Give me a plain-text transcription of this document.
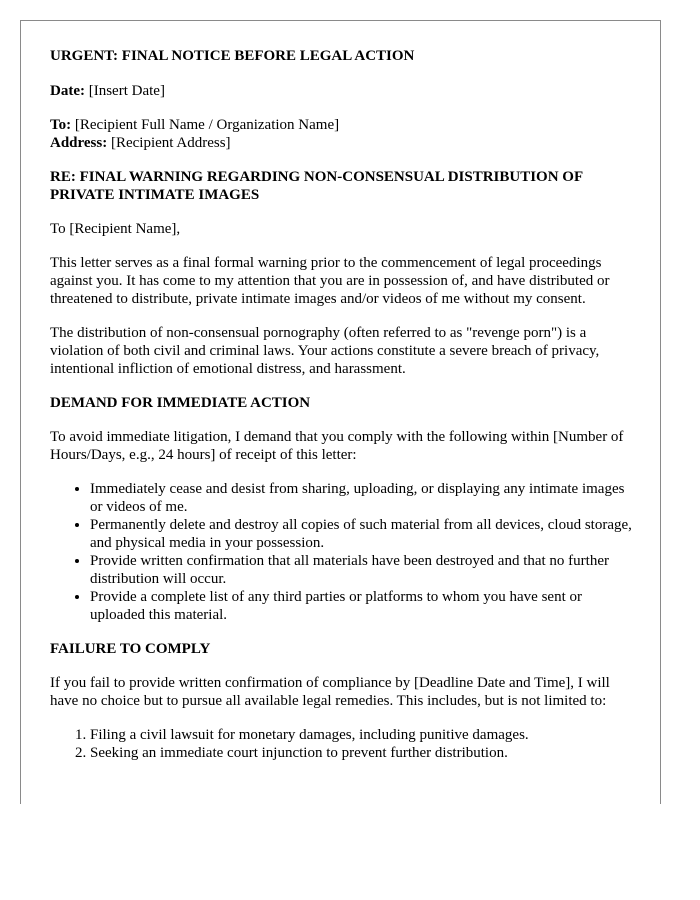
URGENT: FINAL NOTICE BEFORE LEGAL ACTION

Date: [Insert Date]

To: [Recipient Full Name / Organization Name]

Address: [Recipient Address]

RE: FINAL WARNING REGARDING NON-CONSENSUAL DISTRIBUTION OF PRIVATE INTIMATE IMAGES

To [Recipient Name],

This letter serves as a final formal warning prior to the commencement of legal proceedings against you. It has come to my attention that you are in possession of, and have distributed or threatened to distribute, private intimate images and/or videos of me without my consent.

The distribution of non-consensual pornography (often referred to as "revenge porn") is a violation of both civil and criminal laws. Your actions constitute a severe breach of privacy, intentional infliction of emotional distress, and harassment.

DEMAND FOR IMMEDIATE ACTION

To avoid immediate litigation, I demand that you comply with the following within [Number of Hours/Days, e.g., 24 hours] of receipt of this letter:

• Immediately cease and desist from sharing, uploading, or displaying any intimate images or videos of me.
• Permanently delete and destroy all copies of such material from all devices, cloud storage, and physical media in your possession.
• Provide written confirmation that all materials have been destroyed and that no further distribution will occur.
• Provide a complete list of any third parties or platforms to whom you have sent or uploaded this material.

FAILURE TO COMPLY

If you fail to provide written confirmation of compliance by [Deadline Date and Time], I will have no choice but to pursue all available legal remedies. This includes, but is not limited to:

1. Filing a civil lawsuit for monetary damages, including punitive damages.
2. Seeking an immediate court injunction to prevent further distribution.
